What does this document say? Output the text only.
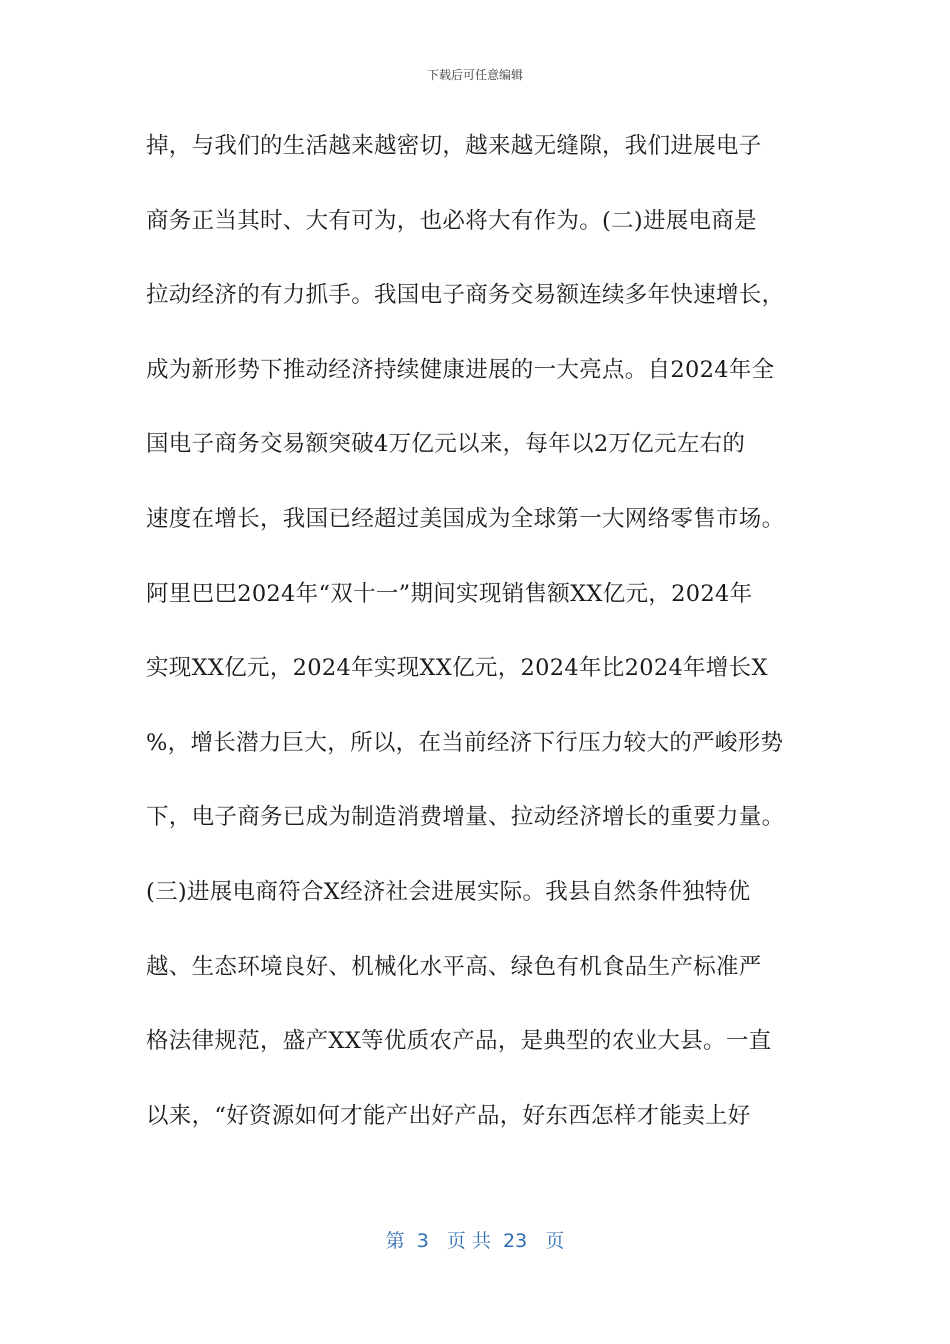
下载后可任意编辑
掉，与我们的生活越来越密切，越来越无缝隙，我们进展电子
商务正当其时、大有可为，也必将大有作为。(二)进展电商是
拉动经济的有力抓手。我国电子商务交易额连续多年快速增长，
成为新形势下推动经济持续健康进展的一大亮点。自2024年全
国电子商务交易额突破4万亿元以来，每年以2万亿元左右的
速度在增长，我国已经超过美国成为全球第一大网络零售市场。
阿里巴巴2024年“双十一”期间实现销售额XX亿元，2024年
实现XX亿元，2024年实现XX亿元，2024年比2024年增长X
%，增长潜力巨大，所以，在当前经济下行压力较大的严峻形势
下，电子商务已成为制造消费增量、拉动经济增长的重要力量。
(三)进展电商符合X经济社会进展实际。我县自然条件独特优
越、生态环境良好、机械化水平高、绿色有机食品生产标准严
格法律规范，盛产XX等优质农产品，是典型的农业大县。一直
以来，“好资源如何才能产出好产品，好东西怎样才能卖上好
第  3   页 共  23   页
